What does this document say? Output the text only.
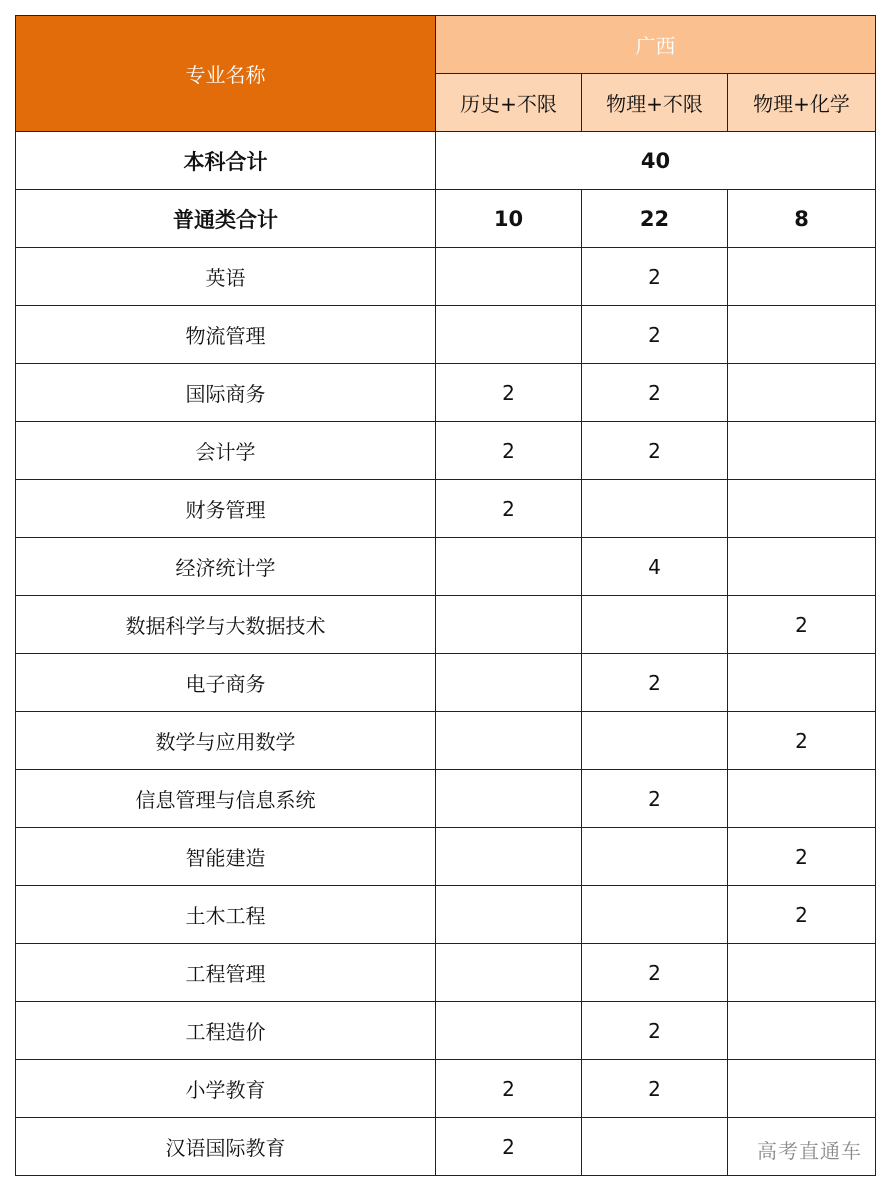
专业名称	广西		
	历史+不限	物理+不限	物理+化学
本科合计	40		
普通类合计	10	22	8
英语		2	
物流管理		2	
国际商务	2	2	
会计学	2	2	
财务管理	2		
经济统计学		4	
数据科学与大数据技术			2
电子商务		2	
数学与应用数学			2
信息管理与信息系统		2	
智能建造			2
土木工程			2
工程管理		2	
工程造价		2	
小学教育	2	2	
汉语国际教育	2			高考直通车
